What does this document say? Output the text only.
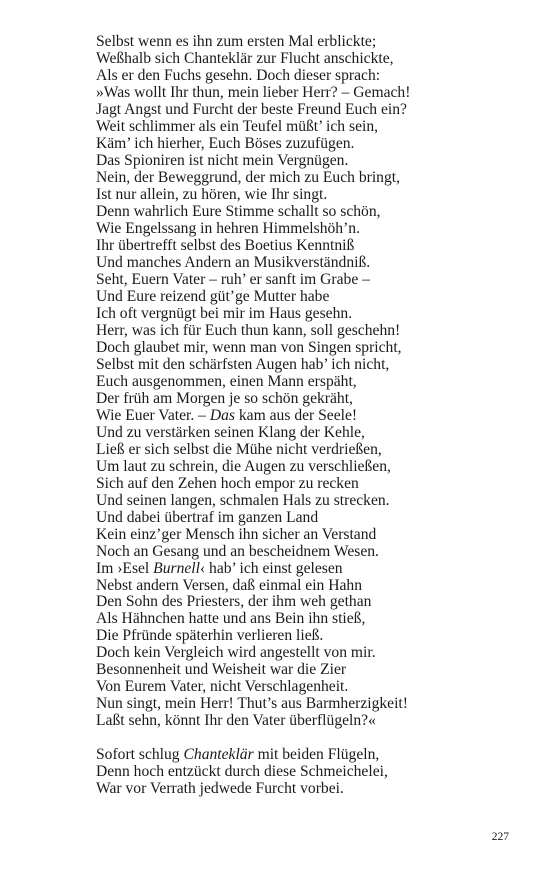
Selbst wenn es ihn zum ersten Mal erblickte;
Weßhalb sich Chanteklär zur Flucht anschickte,
Als er den Fuchs gesehn. Doch dieser sprach:
»Was wollt Ihr thun, mein lieber Herr? – Gemach!
Jagt Angst und Furcht der beste Freund Euch ein?
Weit schlimmer als ein Teufel müßt’ ich sein,
Käm’ ich hierher, Euch Böses zuzufügen.
Das Spioniren ist nicht mein Vergnügen.
Nein, der Beweggrund, der mich zu Euch bringt,
Ist nur allein, zu hören, wie Ihr singt.
Denn wahrlich Eure Stimme schallt so schön,
Wie Engelssang in hehren Himmelshöh’n.
Ihr übertrefft selbst des Boetius Kenntniß
Und manches Andern an Musikverständniß.
Seht, Euern Vater – ruh’ er sanft im Grabe –
Und Eure reizend güt’ge Mutter habe
Ich oft vergnügt bei mir im Haus gesehn.
Herr, was ich für Euch thun kann, soll geschehn!
Doch glaubet mir, wenn man von Singen spricht,
Selbst mit den schärfsten Augen hab’ ich nicht,
Euch ausgenommen, einen Mann erspäht,
Der früh am Morgen je so schön gekräht,
Wie Euer Vater. – Das kam aus der Seele!
Und zu verstärken seinen Klang der Kehle,
Ließ er sich selbst die Mühe nicht verdrießen,
Um laut zu schrein, die Augen zu verschließen,
Sich auf den Zehen hoch empor zu recken
Und seinen langen, schmalen Hals zu strecken.
Und dabei übertraf im ganzen Land
Kein einz’ger Mensch ihn sicher an Verstand
Noch an Gesang und an bescheidnem Wesen.
Im ›Esel Burnell‹ hab’ ich einst gelesen
Nebst andern Versen, daß einmal ein Hahn
Den Sohn des Priesters, der ihm weh gethan
Als Hähnchen hatte und ans Bein ihn stieß,
Die Pfründe späterhin verlieren ließ.
Doch kein Vergleich wird angestellt von mir.
Besonnenheit und Weisheit war die Zier
Von Eurem Vater, nicht Verschlagenheit.
Nun singt, mein Herr! Thut’s aus Barmherzigkeit!
Laßt sehn, könnt Ihr den Vater überflügeln?«
Sofort schlug Chanteklär mit beiden Flügeln,
Denn hoch entzückt durch diese Schmeichelei,
War vor Verrath jedwede Furcht vorbei.
227
